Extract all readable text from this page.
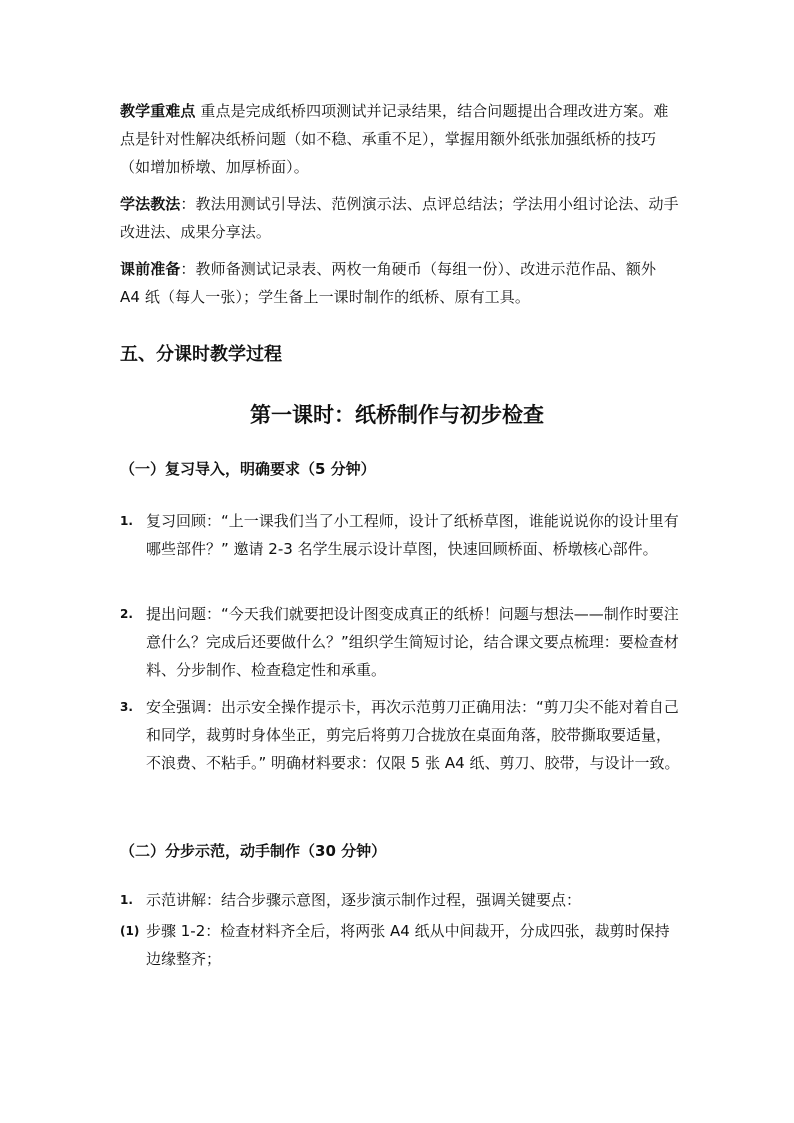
教学重难点 重点是完成纸桥四项测试并记录结果，结合问题提出合理改进方案。难点是针对性解决纸桥问题（如不稳、承重不足），掌握用额外纸张加强纸桥的技巧（如增加桥墩、加厚桥面）。

学法教法：教法用测试引导法、范例演示法、点评总结法；学法用小组讨论法、动手改进法、成果分享法。

课前准备：教师备测试记录表、两枚一角硬币（每组一份）、改进示范作品、额外 A4 纸（每人一张）；学生备上一课时制作的纸桥、原有工具。

五、分课时教学过程
第一课时：纸桥制作与初步检查
（一）复习导入，明确要求（5 分钟）
1. 复习回顾：“上一课我们当了小工程师，设计了纸桥草图，谁能说说你的设计里有哪些部件？” 邀请 2-3 名学生展示设计草图，快速回顾桥面、桥墩核心部件。
2. 提出问题：“今天我们就要把设计图变成真正的纸桥！问题与想法——制作时要注意什么？完成后还要做什么？”组织学生简短讨论，结合课文要点梳理：要检查材料、分步制作、检查稳定性和承重。
3. 安全强调：出示安全操作提示卡，再次示范剪刀正确用法：“剪刀尖不能对着自己和同学，裁剪时身体坐正，剪完后将剪刀合拢放在桌面角落，胶带撕取要适量，不浪费、不粘手。” 明确材料要求：仅限 5 张 A4 纸、剪刀、胶带，与设计一致。
（二）分步示范，动手制作（30 分钟）
1. 示范讲解：结合步骤示意图，逐步演示制作过程，强调关键要点：
(1) 步骤 1-2：检查材料齐全后，将两张 A4 纸从中间裁开，分成四张，裁剪时保持边缘整齐；
